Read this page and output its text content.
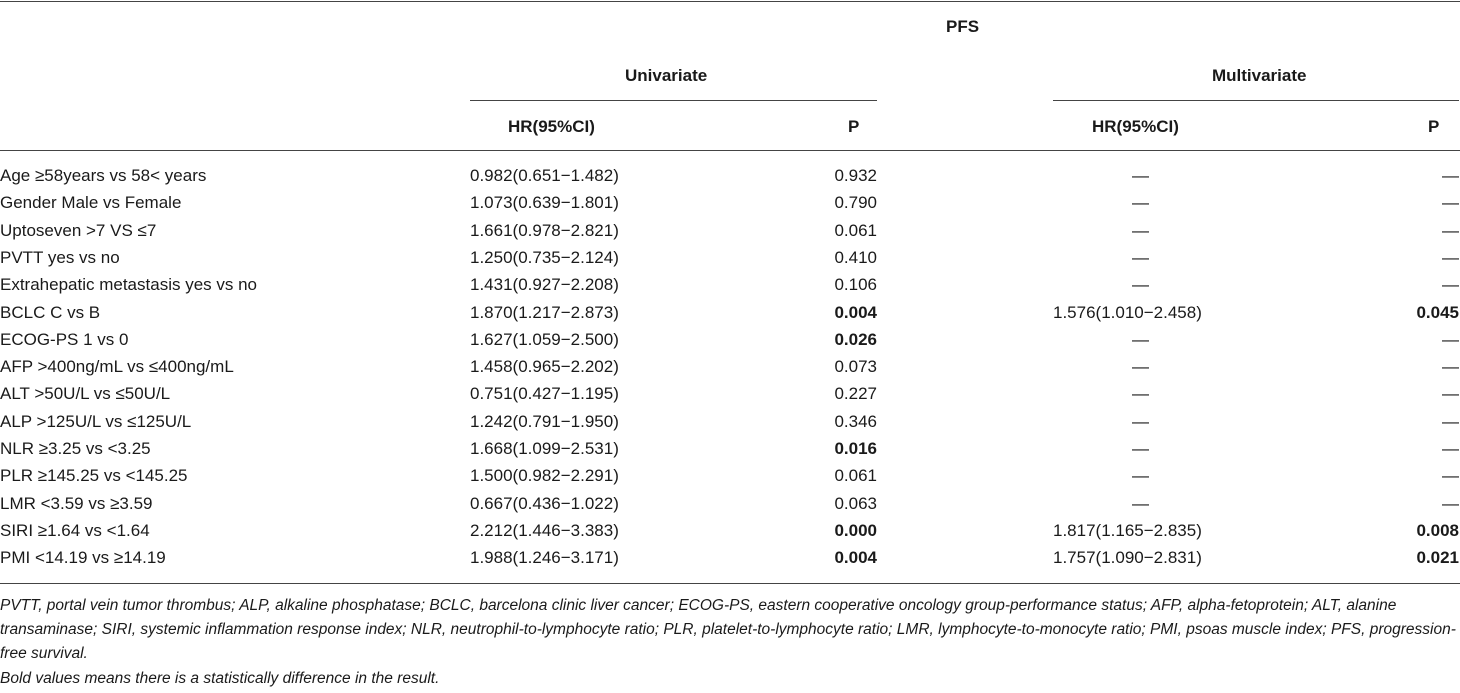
PFS
Univariate	Multivariate
HR(95%CI)	P	HR(95%CI)	P
Age ≥58years vs 58< years	0.982(0.651−1.482)	0.932	—	—
Gender Male vs Female	1.073(0.639−1.801)	0.790	—	—
Uptoseven >7 VS ≤7	1.661(0.978−2.821)	0.061	—	—
PVTT yes vs no	1.250(0.735−2.124)	0.410	—	—
Extrahepatic metastasis yes vs no	1.431(0.927−2.208)	0.106	—	—
BCLC C vs B	1.870(1.217−2.873)	0.004	1.576(1.010−2.458)	0.045
ECOG-PS 1 vs 0	1.627(1.059−2.500)	0.026	—	—
AFP >400ng/mL vs ≤400ng/mL	1.458(0.965−2.202)	0.073	—	—
ALT >50U/L vs ≤50U/L	0.751(0.427−1.195)	0.227	—	—
ALP >125U/L vs ≤125U/L	1.242(0.791−1.950)	0.346	—	—
NLR ≥3.25 vs <3.25	1.668(1.099−2.531)	0.016	—	—
PLR ≥145.25 vs <145.25	1.500(0.982−2.291)	0.061	—	—
LMR <3.59 vs ≥3.59	0.667(0.436−1.022)	0.063	—	—
SIRI ≥1.64 vs <1.64	2.212(1.446−3.383)	0.000	1.817(1.165−2.835)	0.008
PMI <14.19 vs ≥14.19	1.988(1.246−3.171)	0.004	1.757(1.090−2.831)	0.021
PVTT, portal vein tumor thrombus; ALP, alkaline phosphatase; BCLC, barcelona clinic liver cancer; ECOG-PS, eastern cooperative oncology group-performance status; AFP, alpha-fetoprotein; ALT, alanine transaminase; SIRI, systemic inflammation response index; NLR, neutrophil-to-lymphocyte ratio; PLR, platelet-to-lymphocyte ratio; LMR, lymphocyte-to-monocyte ratio; PMI, psoas muscle index; PFS, progression-free survival.
Bold values means there is a statistically difference in the result.
